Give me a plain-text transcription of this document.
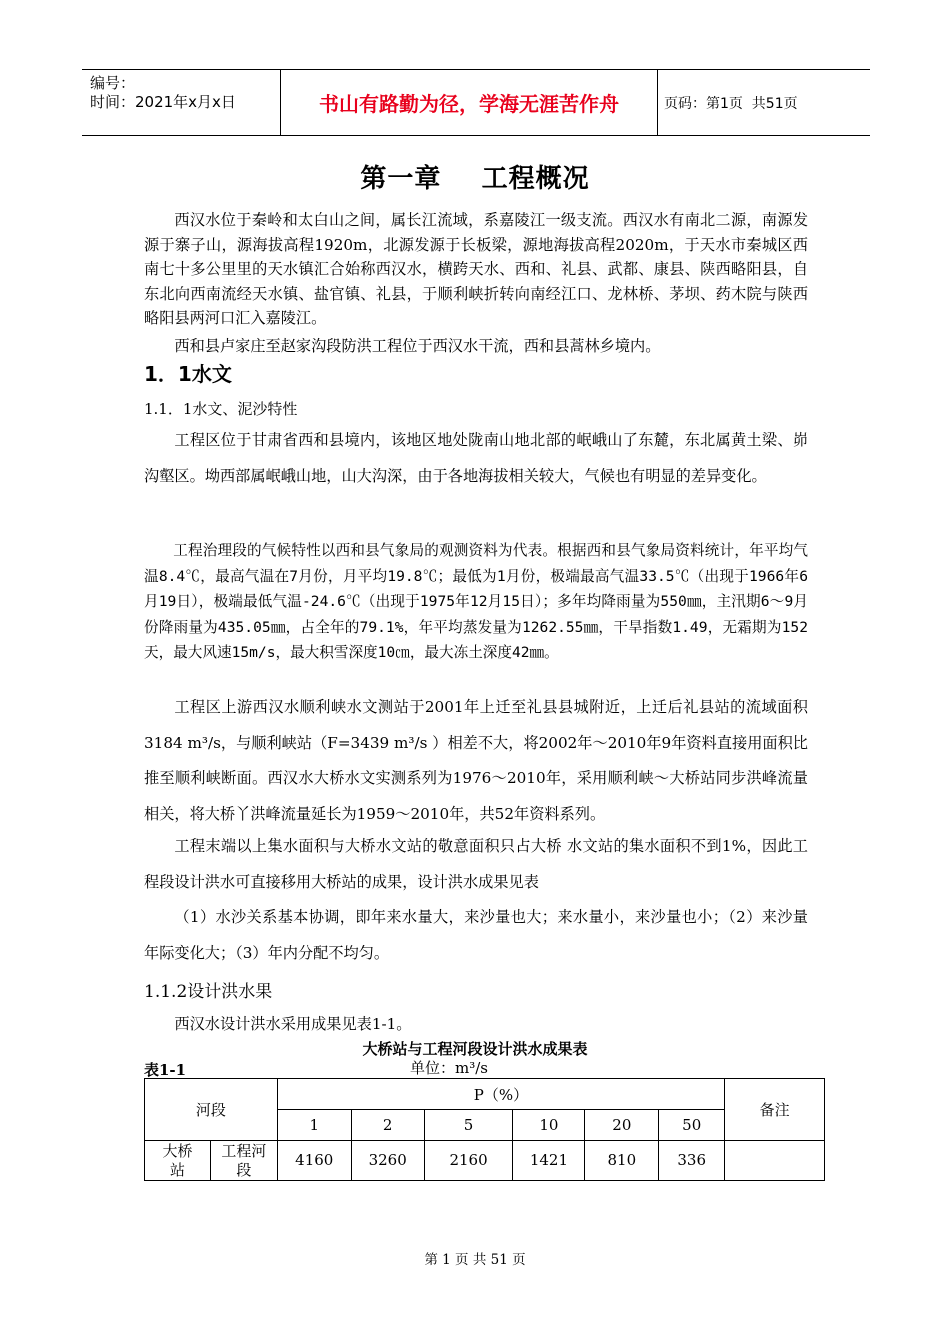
编号：
时间：2021年x月x日	书山有路勤为径，学海无涯苦作舟	页码：第1页  共51页
第一章    工程概况
西汉水位于秦岭和太白山之间，属长江流域，系嘉陵江一级支流。西汉水有南北二源，南源发源于寨子山，源海拔高程1920m，北源发源于长板梁，源地海拔高程2020m，于天水市秦城区西南七十多公里里的天水镇汇合始称西汉水，横跨天水、西和、礼县、武都、康县、陕西略阳县，自东北向西南流经天水镇、盐官镇、礼县，于顺利峡折转向南经江口、龙林桥、茅坝、药木院与陕西略阳县两河口汇入嘉陵江。
西和县卢家庄至赵家沟段防洪工程位于西汉水干流，西和县蒿林乡境内。
1．1水文
1.1．1水文、泥沙特性
工程区位于甘肃省西和县境内，该地区地处陇南山地北部的岷峨山了东麓，东北属黄土梁、峁沟壑区。坳西部属岷峨山地，山大沟深，由于各地海拔相关较大，气候也有明显的差异变化。
工程治理段的气候特性以西和县气象局的观测资料为代表。根据西和县气象局资料统计，年平均气温8.4℃，最高气温在7月份，月平均19.8℃；最低为1月份，极端最高气温33.5℃（出现于1966年6月19日），极端最低气温-24.6℃（出现于1975年12月15日）；多年均降雨量为550㎜，主汛期6～9月份降雨量为435.05㎜，占全年的79.1%，年平均蒸发量为1262.55㎜，干旱指数1.49，无霜期为152天，最大风速15m/s，最大积雪深度10㎝，最大冻土深度42㎜。
工程区上游西汉水顺利峡水文测站于2001年上迁至礼县县城附近，上迁后礼县站的流域面积3184 m³/s，与顺利峡站（F=3439 m³/s ）相差不大，将2002年～2010年9年资料直接用面积比推至顺利峡断面。西汉水大桥水文实测系列为1976～2010年，采用顺利峡～大桥站同步洪峰流量相关，将大桥丫洪峰流量延长为1959～2010年，共52年资料系列。
工程末端以上集水面积与大桥水文站的敬意面积只占大桥 水文站的集水面积不到1%，因此工程段设计洪水可直接移用大桥站的成果，设计洪水成果见表
（1）水沙关系基本协调，即年来水量大，来沙量也大；来水量小，来沙量也小；（2）来沙量年际变化大；（3）年内分配不均匀。
1.1.2设计洪水果
西汉水设计洪水采用成果见表1-1。
大桥站与工程河段设计洪水成果表
表1-1	单位：m³/s
河段		P（%）						备注
		1	2	5	10	20	50	
大桥站	工程河段	4160	3260	2160	1421	810	336	
第 1 页 共 51 页
